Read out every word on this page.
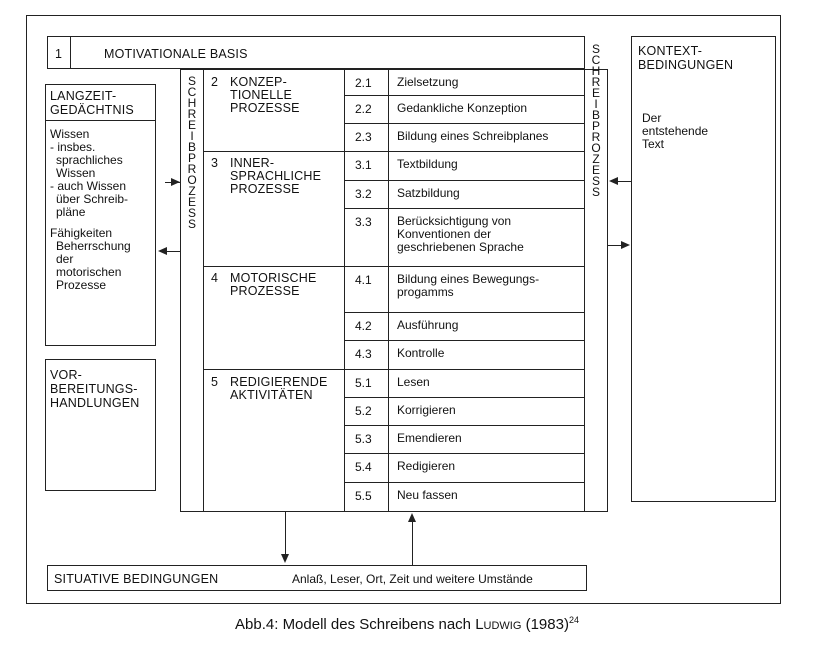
1	MOTIVATIONALE BASIS
LANGZEIT-
GEDÄCHTNIS
Wissen
- insbes.
sprachliches
Wissen
- auch Wissen
über Schreib-
pläne
Fähigkeiten
Beherrschung
der
motorischen
Prozesse
VOR-
BEREITUNGS-
HANDLUNGEN
S
C
H
R
E
I
B
P
R
O
Z
E
S
S
S
C
H
R
E
I
B
P
R
O
Z
E
S
S
2 KONZEP-
TIONELLE
PROZESSE
3 INNER-
SPRACHLICHE
PROZESSE
4 MOTORISCHE
PROZESSE
5 REDIGIERENDE
AKTIVITÄTEN
2.1 Zielsetzung
2.2 Gedankliche Konzeption
2.3 Bildung eines Schreibplanes
3.1 Textbildung
3.2 Satzbildung
3.3 Berücksichtigung von Konventionen der geschriebenen Sprache
4.1 Bildung eines Bewegungs-progamms
4.2 Ausführung
4.3 Kontrolle
5.1 Lesen
5.2 Korrigieren
5.3 Emendieren
5.4 Redigieren
5.5 Neu fassen
KONTEXT-
BEDINGUNGEN
Der
entstehende
Text
SITUATIVE BEDINGUNGEN	Anlaß, Leser, Ort, Zeit und weitere Umstände
Abb.4: Modell des Schreibens nach Ludwig $(1983)^{24}$
